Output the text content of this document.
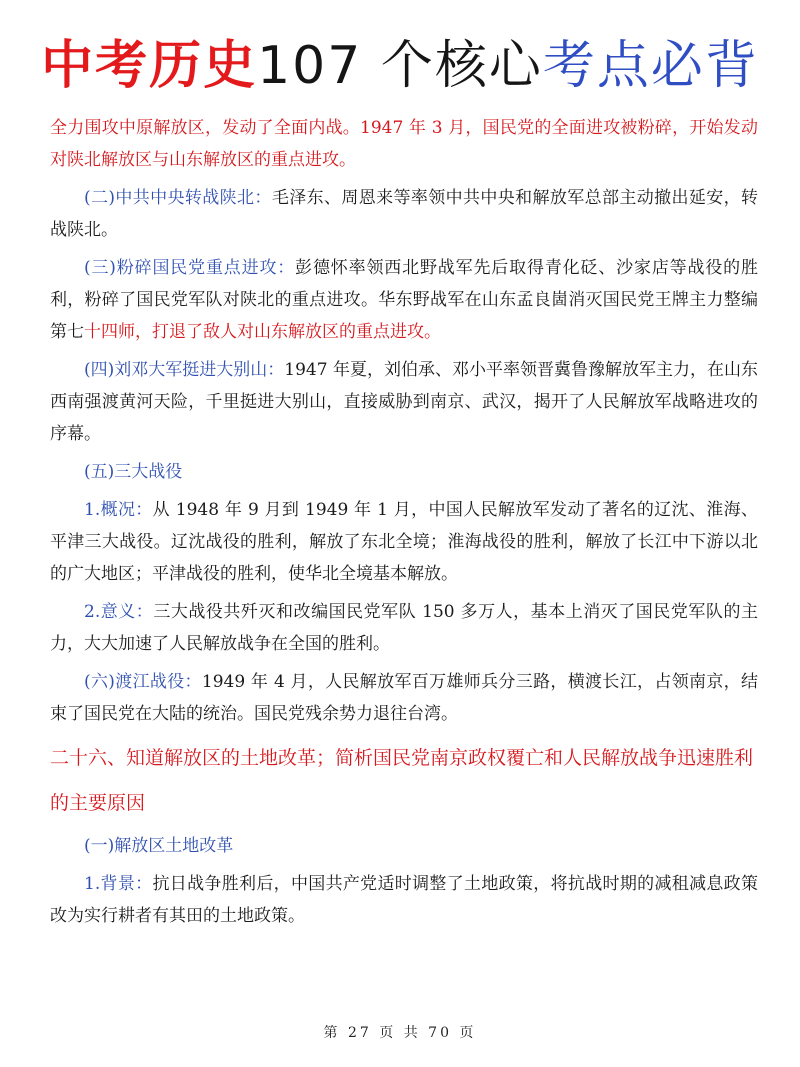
中考历史107 个核心考点必背

全力围攻中原解放区，发动了全面内战。1947 年 3 月，国民党的全面进攻被粉碎，开始发动对陕北解放区与山东解放区的重点进攻。

(二)中共中央转战陕北：毛泽东、周恩来等率领中共中央和解放军总部主动撤出延安，转战陕北。

(三)粉碎国民党重点进攻：彭德怀率领西北野战军先后取得青化砭、沙家店等战役的胜利，粉碎了国民党军队对陕北的重点进攻。华东野战军在山东孟良崮消灭国民党王牌主力整编第七十四师，打退了敌人对山东解放区的重点进攻。

(四)刘邓大军挺进大别山：1947 年夏，刘伯承、邓小平率领晋冀鲁豫解放军主力，在山东西南强渡黄河天险，千里挺进大别山，直接威胁到南京、武汉，揭开了人民解放军战略进攻的序幕。

(五)三大战役

1.概况：从 1948 年 9 月到 1949 年 1 月，中国人民解放军发动了著名的辽沈、淮海、平津三大战役。辽沈战役的胜利，解放了东北全境；淮海战役的胜利，解放了长江中下游以北的广大地区；平津战役的胜利，使华北全境基本解放。

2.意义：三大战役共歼灭和改编国民党军队 150 多万人，基本上消灭了国民党军队的主力，大大加速了人民解放战争在全国的胜利。

(六)渡江战役：1949 年 4 月，人民解放军百万雄师兵分三路，横渡长江，占领南京，结束了国民党在大陆的统治。国民党残余势力退往台湾。

二十六、知道解放区的土地改革；简析国民党南京政权覆亡和人民解放战争迅速胜利的主要原因

(一)解放区土地改革

1.背景：抗日战争胜利后，中国共产党适时调整了土地政策，将抗战时期的减租减息政策改为实行耕者有其田的土地政策。

第 27 页 共 70 页
